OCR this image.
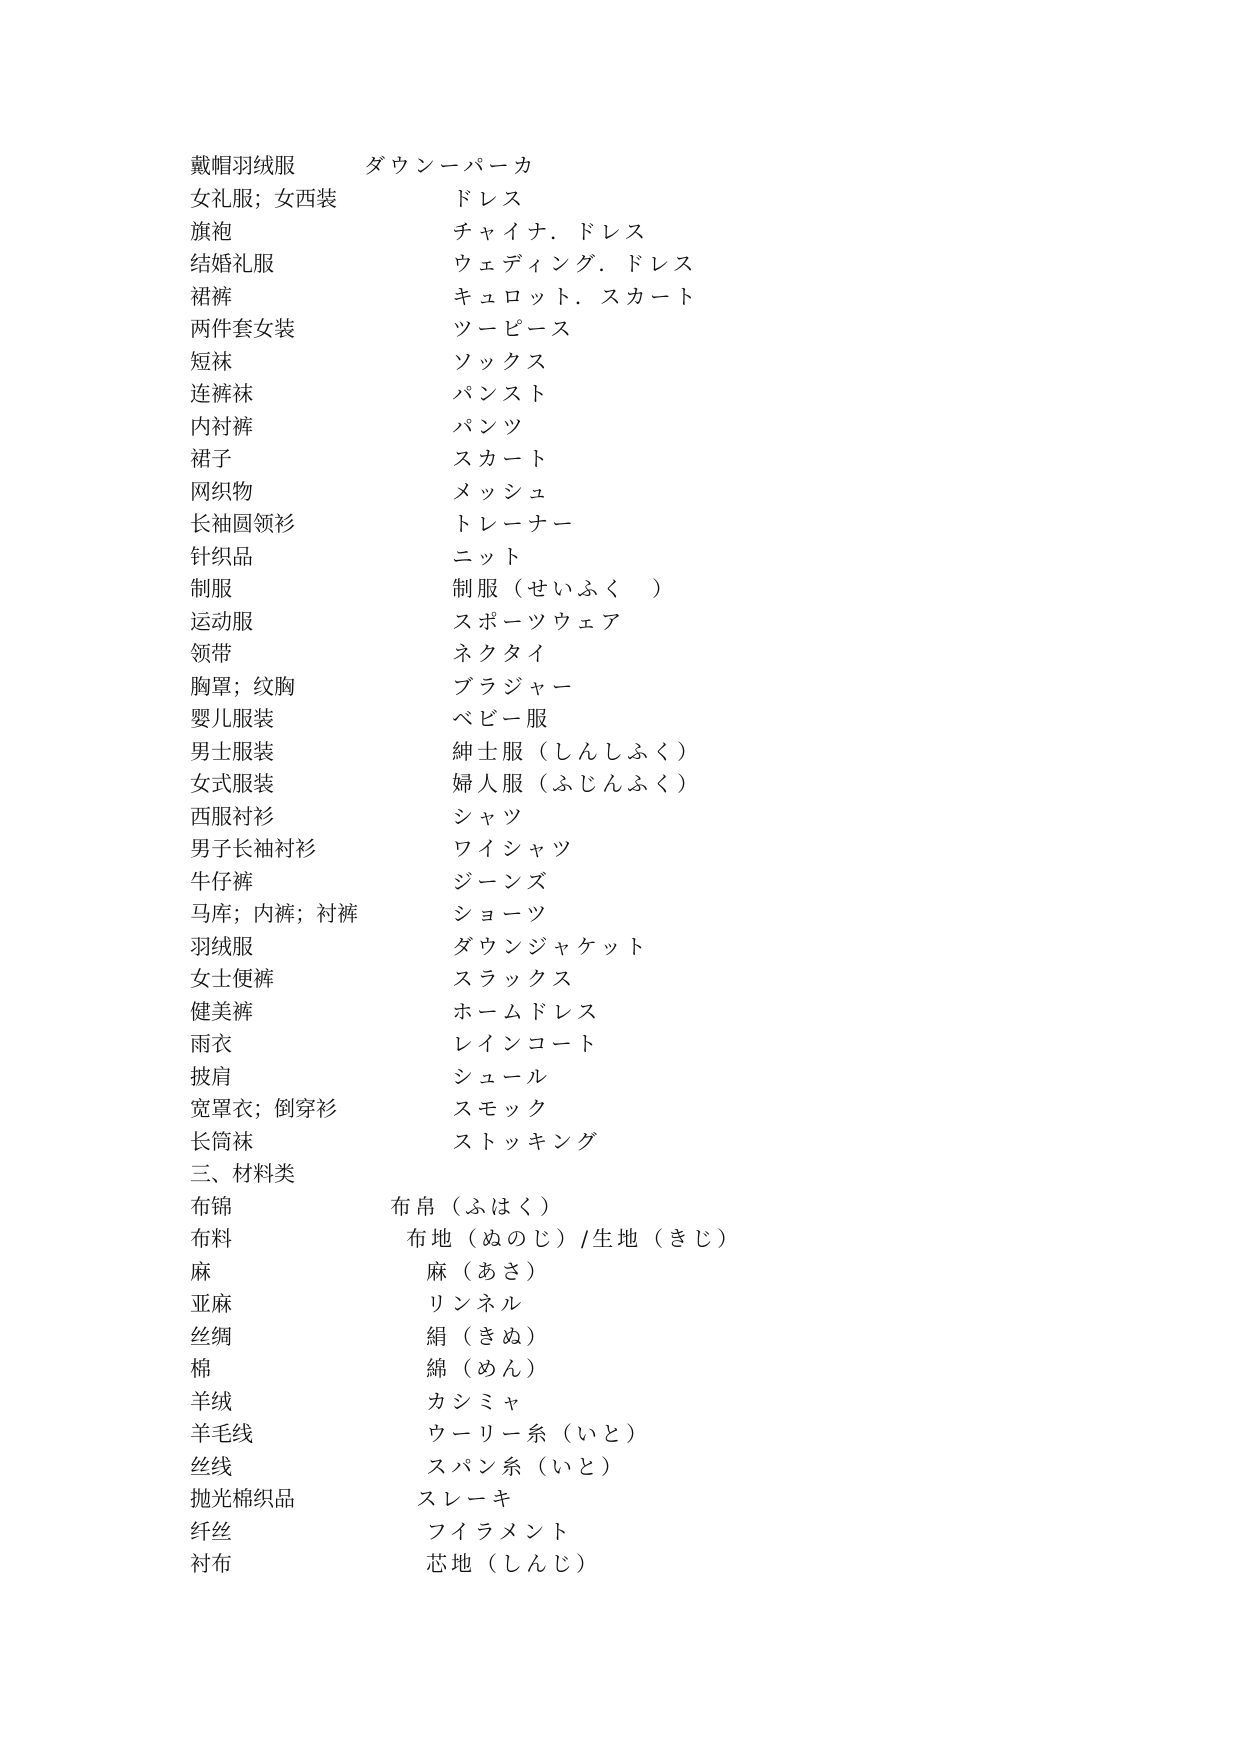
戴帽羽绒服	ダウンーパーカ
女礼服；女西装	ドレス
旗袍	チャイナ．ドレス
结婚礼服	ウェディング．ドレス
裙裤	キュロット．スカート
两件套女装	ツーピース
短袜	ソックス
连裤袜	パンスト
内衬裤	パンツ
裙子	スカート
网织物	メッシュ
长袖圆领衫	トレーナー
针织品	ニット
制服	制服（せいふく　）
运动服	スポーツウェア
领带	ネクタイ
胸罩；纹胸	ブラジャー
婴儿服装	ベビー服
男士服装	紳士服（しんしふく）
女式服装	婦人服（ふじんふく）
西服衬衫	シャツ
男子长袖衬衫	ワイシャツ
牛仔裤	ジーンズ
马库；内裤；衬裤	ショーツ
羽绒服	ダウンジャケット
女士便裤	スラックス
健美裤	ホームドレス
雨衣	レインコート
披肩	シュール
宽罩衣；倒穿衫	スモック
长筒袜	ストッキング
三、材料类
布锦	布帛（ふはく）
布料	布地（ぬのじ）/生地（きじ）
麻	麻（あさ）
亚麻	リンネル
丝绸	絹（きぬ）
棉	綿（めん）
羊绒	カシミャ
羊毛线	ウーリー糸（いと）
丝线	スパン糸（いと）
抛光棉织品	スレーキ
纤丝	フイラメント
衬布	芯地（しんじ）
